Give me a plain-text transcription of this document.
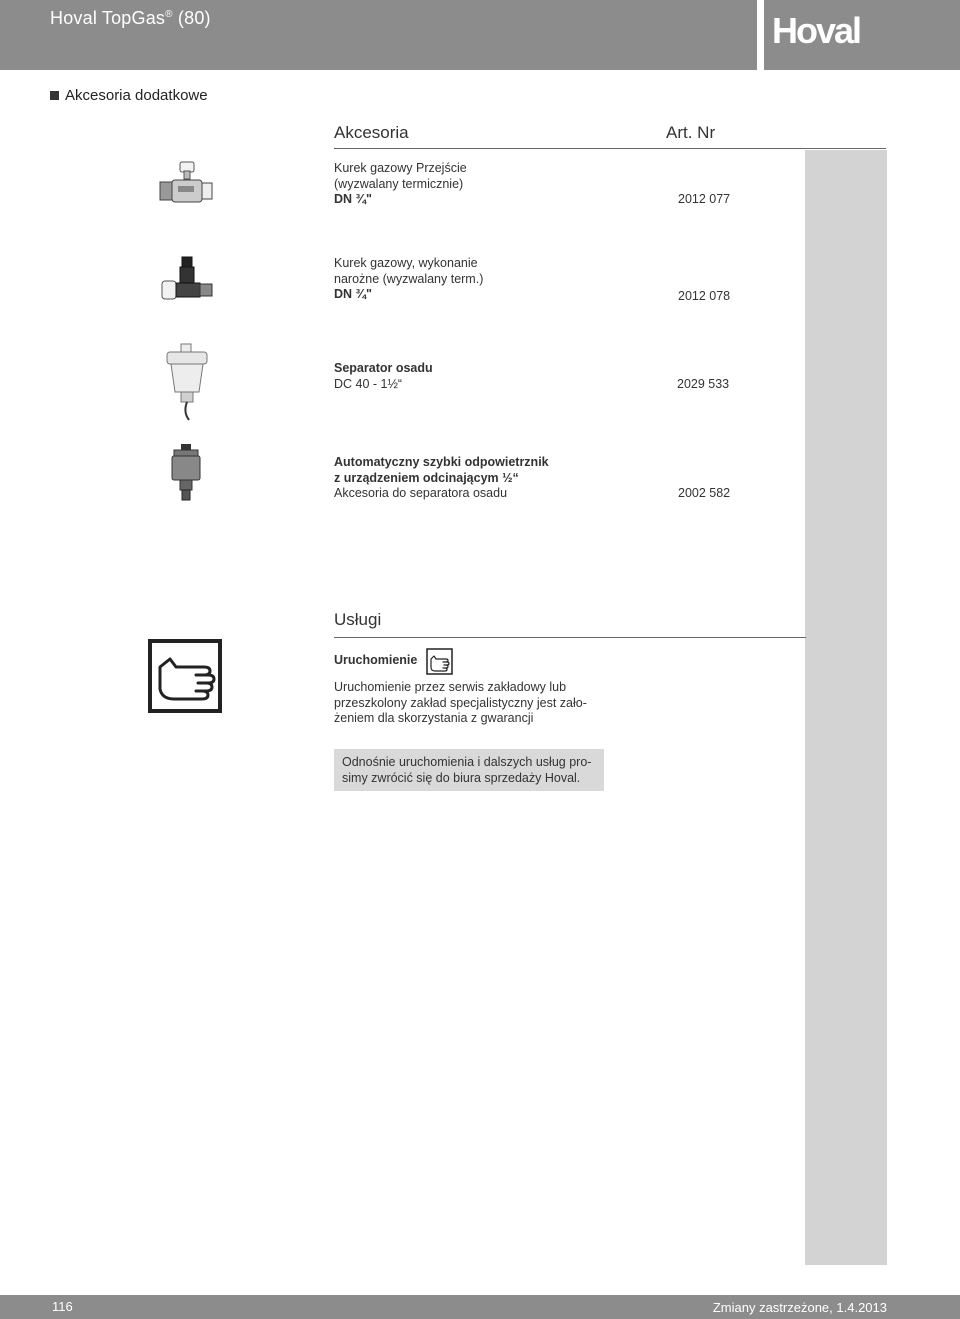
Hoval TopGas® (80)	Hoval
Akcesoria dodatkowe
Akcesoria	Art. Nr
Kurek gazowy Przejście
(wyzwalany termicznie)
DN ¾"	2012 077
Kurek gazowy, wykonanie
narożne (wyzwalany term.)
DN ¾"	2012 078
Separator osadu
DC 40 - 1½“	2029 533
Automatyczny szybki odpowietrznik
z urządzeniem odcinającym ½“
Akcesoria do separatora osadu	2002 582
Usługi
Uruchomienie
Uruchomienie przez serwis zakładowy lub
przeszkolony zakład specjalistyczny jest zało-
żeniem dla skorzystania z gwarancji
Odnośnie uruchomienia i dalszych usług pro-
simy zwrócić się do biura sprzedaży Hoval.
116	Zmiany zastrzeżone, 1.4.2013
